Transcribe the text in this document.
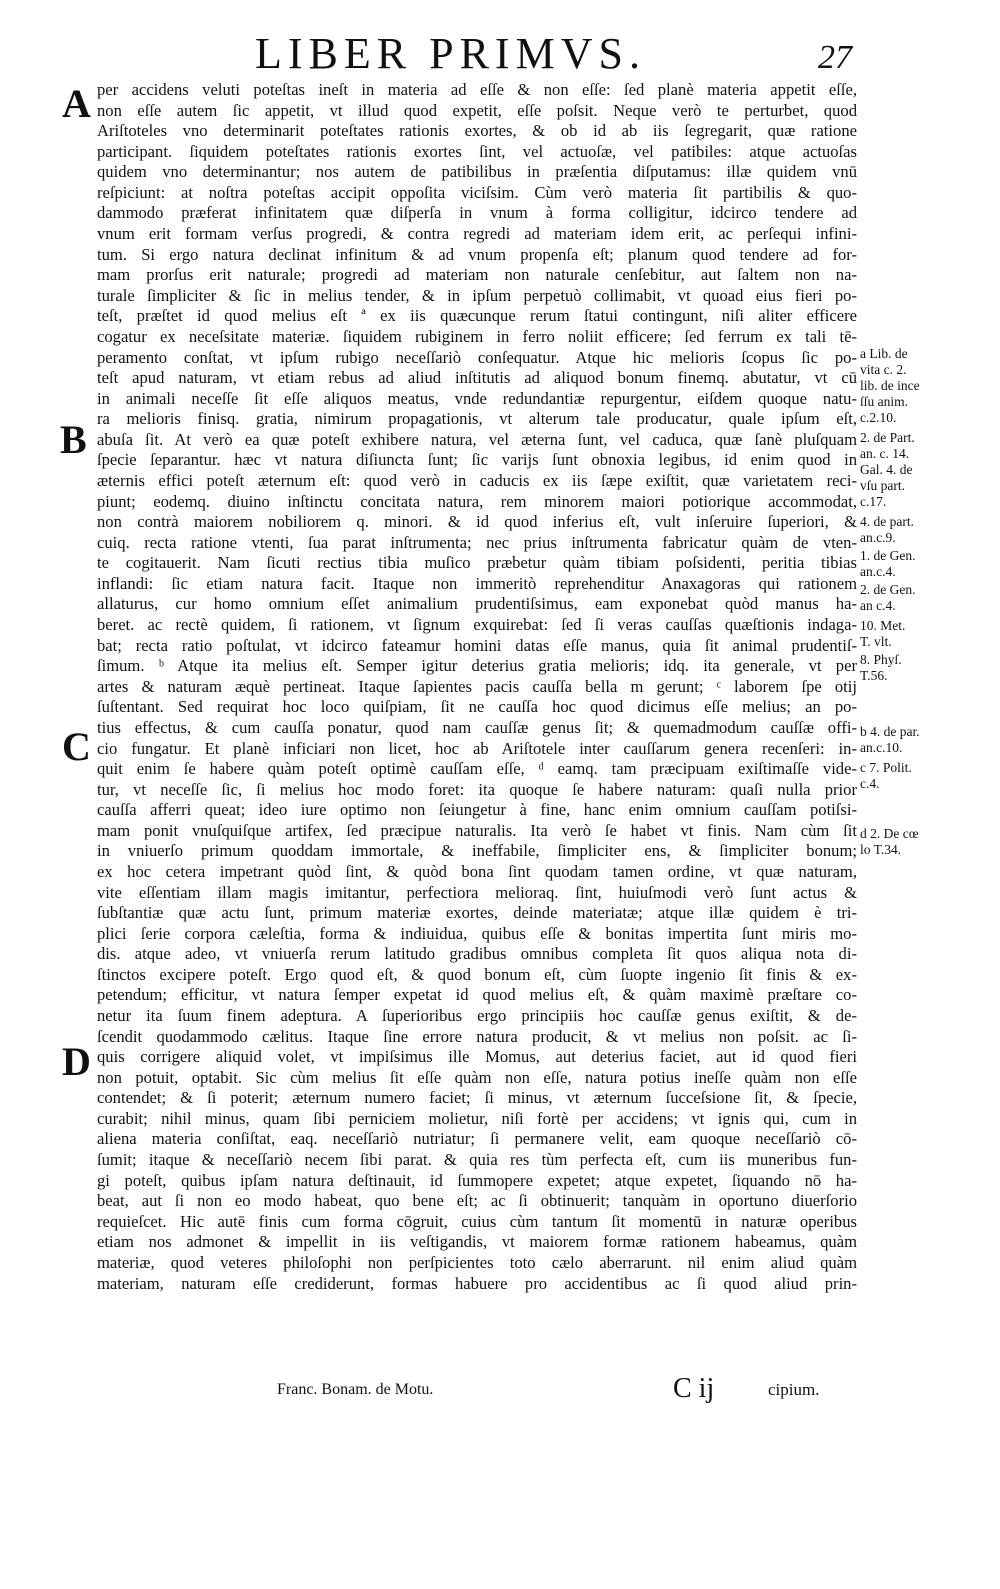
LIBER PRIMVS.	27
A
B
C
D
per accidens veluti poteſtas ineſt in materia ad eſſe & non eſſe: ſed planè materia appetit eſſe,
non eſſe autem ſic appetit, vt illud quod expetit, eſſe poſsit. Neque verò te perturbet, quod
Ariſtoteles vno determinarit poteſtates rationis exortes, & ob id ab iis ſegregarit, quæ ratione
participant. ſiquidem poteſtates rationis exortes ſint, vel actuoſæ, vel patibiles: atque actuoſas
quidem vno determinantur; nos autem de patibilibus in præſentia diſputamus: illæ quidem vnū
reſpiciunt: at noſtra poteſtas accipit oppoſita viciſsim. Cùm verò materia ſit partibilis & quo-
dammodo præferat infinitatem quæ diſperſa in vnum à forma colligitur, idcirco tendere ad
vnum erit formam verſus progredi, & contra regredi ad materiam idem erit, ac perſequi infini-
tum. Si ergo natura declinat infinitum & ad vnum propenſa eſt; planum quod tendere ad for-
mam prorſus erit naturale; progredi ad materiam non naturale cenſebitur, aut ſaltem non na-
turale ſimpliciter & ſic in melius tender, & in ipſum perpetuò collimabit, vt quoad eius fieri po-
teſt, præſtet id quod melius eſt ª ex iis quæcunque rerum ſtatui contingunt, niſi aliter efficere
cogatur ex neceſsitate materiæ. ſiquidem rubiginem in ferro noliit efficere; ſed ferrum ex tali tē-
peramento conſtat, vt ipſum rubigo neceſſariò conſequatur. Atque hic melioris ſcopus ſic po-
teſt apud naturam, vt etiam rebus ad aliud inſtitutis ad aliquod bonum finemq. abutatur, vt cū
in animali neceſſe ſit eſſe aliquos meatus, vnde redundantiæ repurgentur, eiſdem quoque natu-
ra melioris finisq. gratia, nimirum propagationis, vt alterum tale producatur, quale ipſum eſt,
abuſa ſit. At verò ea quæ poteſt exhibere natura, vel æterna ſunt, vel caduca, quæ ſanè pluſquam
ſpecie ſeparantur. hæc vt natura diſiuncta ſunt; ſic varijs ſunt obnoxia legibus, id enim quod in
æternis effici poteſt æternum eſt: quod verò in caducis ex iis ſæpe exiſtit, quæ varietatem reci-
piunt; eodemq. diuino inſtinctu concitata natura, rem minorem maiori potiorique accommodat,
non contrà maiorem nobiliorem q. minori. & id quod inferius eſt, vult inſeruire ſuperiori, &
cuiq. recta ratione vtenti, ſua parat inſtrumenta; nec prius inſtrumenta fabricatur quàm de vten-
te cogitauerit. Nam ſicuti rectius tibia muſico præbetur quàm tibiam poſsidenti, peritia tibias
inflandi: ſic etiam natura facit. Itaque non immeritò reprehenditur Anaxagoras qui rationem
allaturus, cur homo omnium eſſet animalium prudentiſsimus, eam exponebat quòd manus ha-
beret. ac rectè quidem, ſi rationem, vt ſignum exquirebat: ſed ſi veras cauſſas quæſtionis indaga-
bat; recta ratio poſtulat, vt idcirco fateamur homini datas eſſe manus, quia ſit animal prudentiſ-
ſimum. ᵇ Atque ita melius eſt. Semper igitur deterius gratia melioris; idq. ita generale, vt per
artes & naturam æquè pertineat. Itaque ſapientes pacis cauſſa bella m gerunt; ᶜ laborem ſpe otij
ſuſtentant. Sed requirat hoc loco quiſpiam, ſit ne cauſſa hoc quod dicimus eſſe melius; an po-
tius effectus, & cum cauſſa ponatur, quod nam cauſſæ genus ſit; & quemadmodum cauſſæ offi-
cio fungatur. Et planè inficiari non licet, hoc ab Ariſtotele inter cauſſarum genera recenſeri: in-
quit enim ſe habere quàm poteſt optimè cauſſam eſſe, ᵈ eamq. tam præcipuam exiſtimaſſe vide-
tur, vt neceſſe ſic, ſi melius hoc modo foret: ita quoque ſe habere naturam: quaſi nulla prior
cauſſa afferri queat; ideo iure optimo non ſeiungetur à fine, hanc enim omnium cauſſam potiſsi-
mam ponit vnuſquiſque artifex, ſed præcipue naturalis. Ita verò ſe habet vt finis. Nam cùm ſit
in vniuerſo primum quoddam immortale, & ineffabile, ſimpliciter ens, & ſimpliciter bonum;
ex hoc cetera impetrant quòd ſint, & quòd bona ſint quodam tamen ordine, vt quæ naturam,
vite eſſentiam illam magis imitantur, perfectiora melioraq. ſint, huiuſmodi verò ſunt actus &
ſubſtantiæ quæ actu ſunt, primum materiæ exortes, deinde materiatæ; atque illæ quidem è tri-
plici ſerie corpora cæleſtia, forma & indiuidua, quibus eſſe & bonitas impertita ſunt miris mo-
dis. atque adeo, vt vniuerſa rerum latitudo gradibus omnibus completa ſit quos aliqua nota di-
ſtinctos excipere poteſt. Ergo quod eſt, & quod bonum eſt, cùm ſuopte ingenio ſit finis & ex-
petendum; efficitur, vt natura ſemper expetat id quod melius eſt, & quàm maximè præſtare co-
netur ita ſuum finem adeptura. A ſuperioribus ergo principiis hoc cauſſæ genus exiſtit, & de-
ſcendit quodammodo cælitus. Itaque ſine errore natura producit, & vt melius non poſsit. ac ſi-
quis corrigere aliquid volet, vt impiſsimus ille Momus, aut deterius faciet, aut id quod fieri
non potuit, optabit. Sic cùm melius ſit eſſe quàm non eſſe, natura potius ineſſe quàm non eſſe
contendet; & ſi poterit; æternum numero faciet; ſi minus, vt æternum ſucceſsione ſit, & ſpecie,
curabit; nihil minus, quam ſibi perniciem molietur, niſi fortè per accidens; vt ignis qui, cum in
aliena materia conſiſtat, eaq. neceſſariò nutriatur; ſi permanere velit, eam quoque neceſſariò cō-
ſumit; itaque & neceſſariò necem ſibi parat. & quia res tùm perfecta eſt, cum iis muneribus fun-
gi poteſt, quibus ipſam natura deſtinauit, id ſummopere expetet; atque expetet, ſiquando nō ha-
beat, aut ſi non eo modo habeat, quo bene eſt; ac ſi obtinuerit; tanquàm in oportuno diuerſorio
requieſcet. Hic autē finis cum forma cōgruit, cuius cùm tantum ſit momentū in naturæ operibus
etiam nos admonet & impellit in iis veſtigandis, vt maiorem formæ rationem habeamus, quàm
materiæ, quod veteres philoſophi non perſpicientes toto cælo aberrarunt. nil enim aliud quàm
materiam, naturam eſſe crediderunt, formas habuere pro accidentibus ac ſi quod aliud prin-
a Lib. de
vita c. 2.
lib. de ince
ſſu anim.
c.2.10.
2. de Part.
an. c. 14.
Gal. 4. de
vſu part.
c.17.
4. de part.
an.c.9.
1. de Gen.
an.c.4.
2. de Gen.
an c.4.
10. Met.
T. vlt.
8. Phyſ.
T.56.
b 4. de par.
an.c.10.
c 7. Polit.
c.4.
d 2. De cœ
lo T.34.
Franc. Bonam. de Motu.	C ij	cipium.
